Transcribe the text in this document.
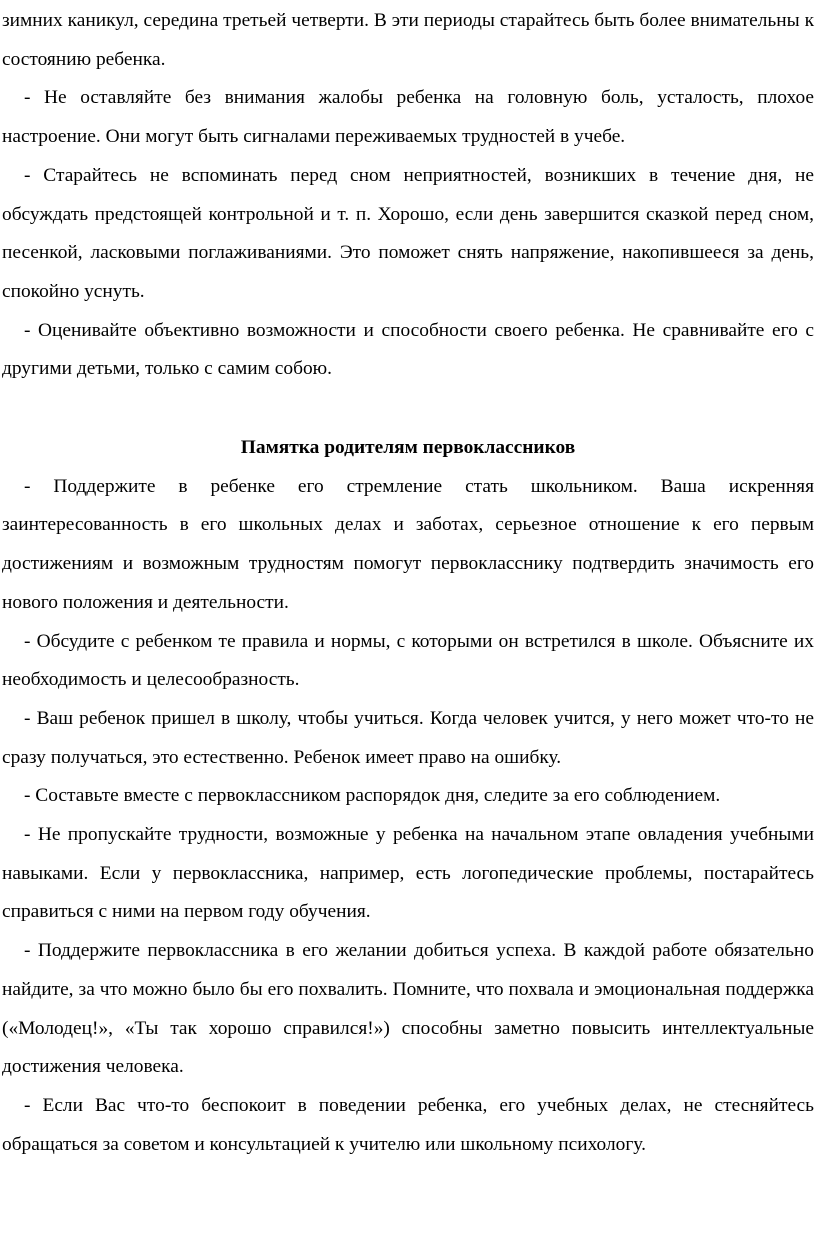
зимних каникул, середина третьей четверти. В эти периоды старайтесь быть более внимательны к состоянию ребенка.

- Не оставляйте без внимания жалобы ребенка на головную боль, усталость, плохое настроение. Они могут быть сигналами переживаемых трудностей в учебе.

- Старайтесь не вспоминать перед сном неприятностей, возникших в течение дня, не обсуждать предстоящей контрольной и т. п. Хорошо, если день завершится сказкой перед сном, песенкой, ласковыми поглаживаниями. Это поможет снять напряжение, накопившееся за день, спокойно уснуть.

- Оценивайте объективно возможности и способности своего ребенка. Не сравнивайте его с другими детьми, только с самим собою.

Памятка родителям первоклассников

- Поддержите в ребенке его стремление стать школьником. Ваша искренняя заинтересованность в его школьных делах и заботах, серьезное отношение к его первым достижениям и возможным трудностям помогут первокласснику подтвердить значимость его нового положения и деятельности.

- Обсудите с ребенком те правила и нормы, с которыми он встретился в школе. Объясните их необходимость и целесообразность.

- Ваш ребенок пришел в школу, чтобы учиться. Когда человек учится, у него может что-то не сразу получаться, это естественно. Ребенок имеет право на ошибку.

- Составьте вместе с первоклассником распорядок дня, следите за его соблюдением.

- Не пропускайте трудности, возможные у ребенка на начальном этапе овладения учебными навыками. Если у первоклассника, например, есть логопедические проблемы, постарайтесь справиться с ними на первом году обучения.

- Поддержите первоклассника в его желании добиться успеха. В каждой работе обязательно найдите, за что можно было бы его похвалить. Помните, что похвала и эмоциональная поддержка («Молодец!», «Ты так хорошо справился!») способны заметно повысить интеллектуальные достижения человека.

- Если Вас что-то беспокоит в поведении ребенка, его учебных делах, не стесняйтесь обращаться за советом и консультацией к учителю или школьному психологу.
